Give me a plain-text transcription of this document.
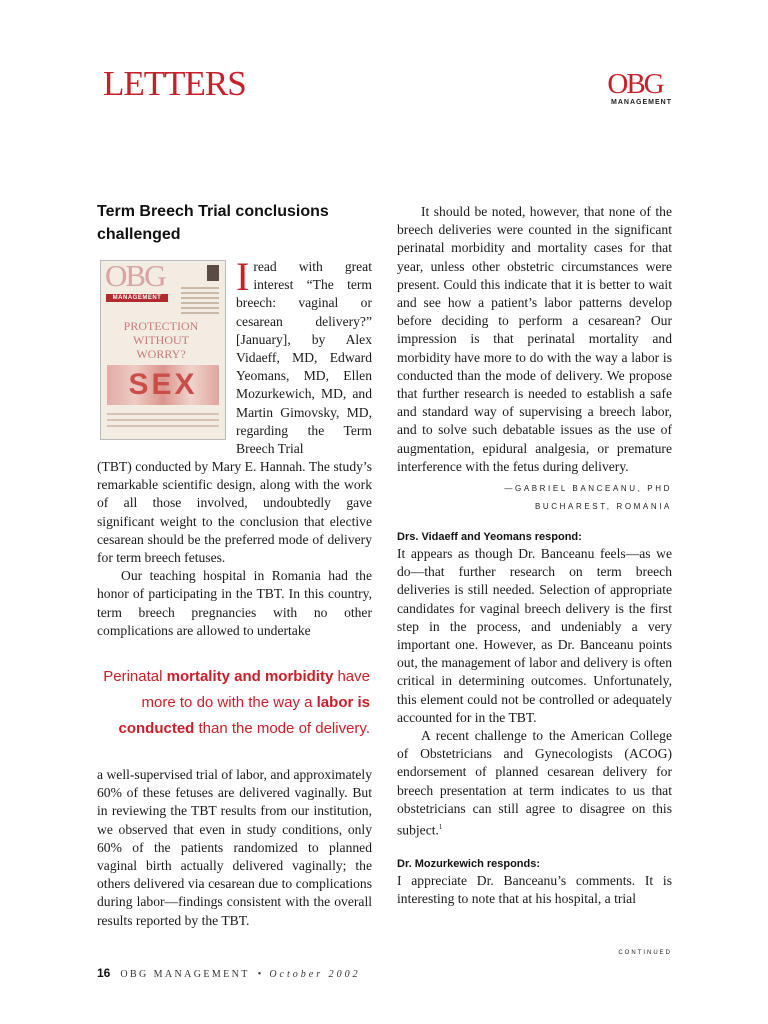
LETTERS	OBG
MANAGEMENT
Term Breech Trial conclusions challenged
OBG
MANAGEMENT
PROTECTION WITHOUT WORRY?
SEX
Iread with great interest “The term breech: vaginal or cesarean delivery?” [January], by Alex Vidaeff, MD, Edward Yeomans, MD, Ellen Mozurkewich, MD, and Martin Gimovsky, MD, regarding the Term Breech Trial

(TBT) conducted by Mary E. Hannah. The study’s remarkable scientific design, along with the work of all those involved, undoubtedly gave significant weight to the conclusion that elective cesarean should be the preferred mode of delivery for term breech fetuses.

Our teaching hospital in Romania had the honor of participating in the TBT. In this country, term breech pregnancies with no other complications are allowed to undertake

Perinatal mortality and morbidity have more to do with the way a labor is conducted than the mode of delivery.

a well-supervised trial of labor, and approximately 60% of these fetuses are delivered vaginally. But in reviewing the TBT results from our institution, we observed that even in study conditions, only 60% of the patients randomized to planned vaginal birth actually delivered vaginally; the others delivered via cesarean due to complications during labor—findings consistent with the overall results reported by the TBT.

It should be noted, however, that none of the breech deliveries were counted in the significant perinatal morbidity and mortality cases for that year, unless other obstetric circumstances were present. Could this indicate that it is better to wait and see how a patient’s labor patterns develop before deciding to perform a cesarean? Our impression is that perinatal mortality and morbidity have more to do with the way a labor is conducted than the mode of delivery. We propose that further research is needed to establish a safe and standard way of supervising a breech labor, and to solve such debatable issues as the use of augmentation, epidural analgesia, or premature interference with the fetus during delivery.

—GABRIEL BANCEANU, PHD
BUCHAREST, ROMANIA
Drs. Vidaeff and Yeomans respond:

It appears as though Dr. Banceanu feels—as we do—that further research on term breech deliveries is still needed. Selection of appropriate candidates for vaginal breech delivery is the first step in the process, and undeniably a very important one. However, as Dr. Banceanu points out, the management of labor and delivery is often critical in determining outcomes. Unfortunately, this element could not be controlled or adequately accounted for in the TBT.

A recent challenge to the American College of Obstetricians and Gynecologists (ACOG) endorsement of planned cesarean delivery for breech presentation at term indicates to us that obstetricians can still agree to disagree on this subject.$^1$

Dr. Mozurkewich responds:

I appreciate Dr. Banceanu’s comments. It is interesting to note that at his hospital, a trial

CONTINUED
16 OBG MANAGEMENT • October 2002
